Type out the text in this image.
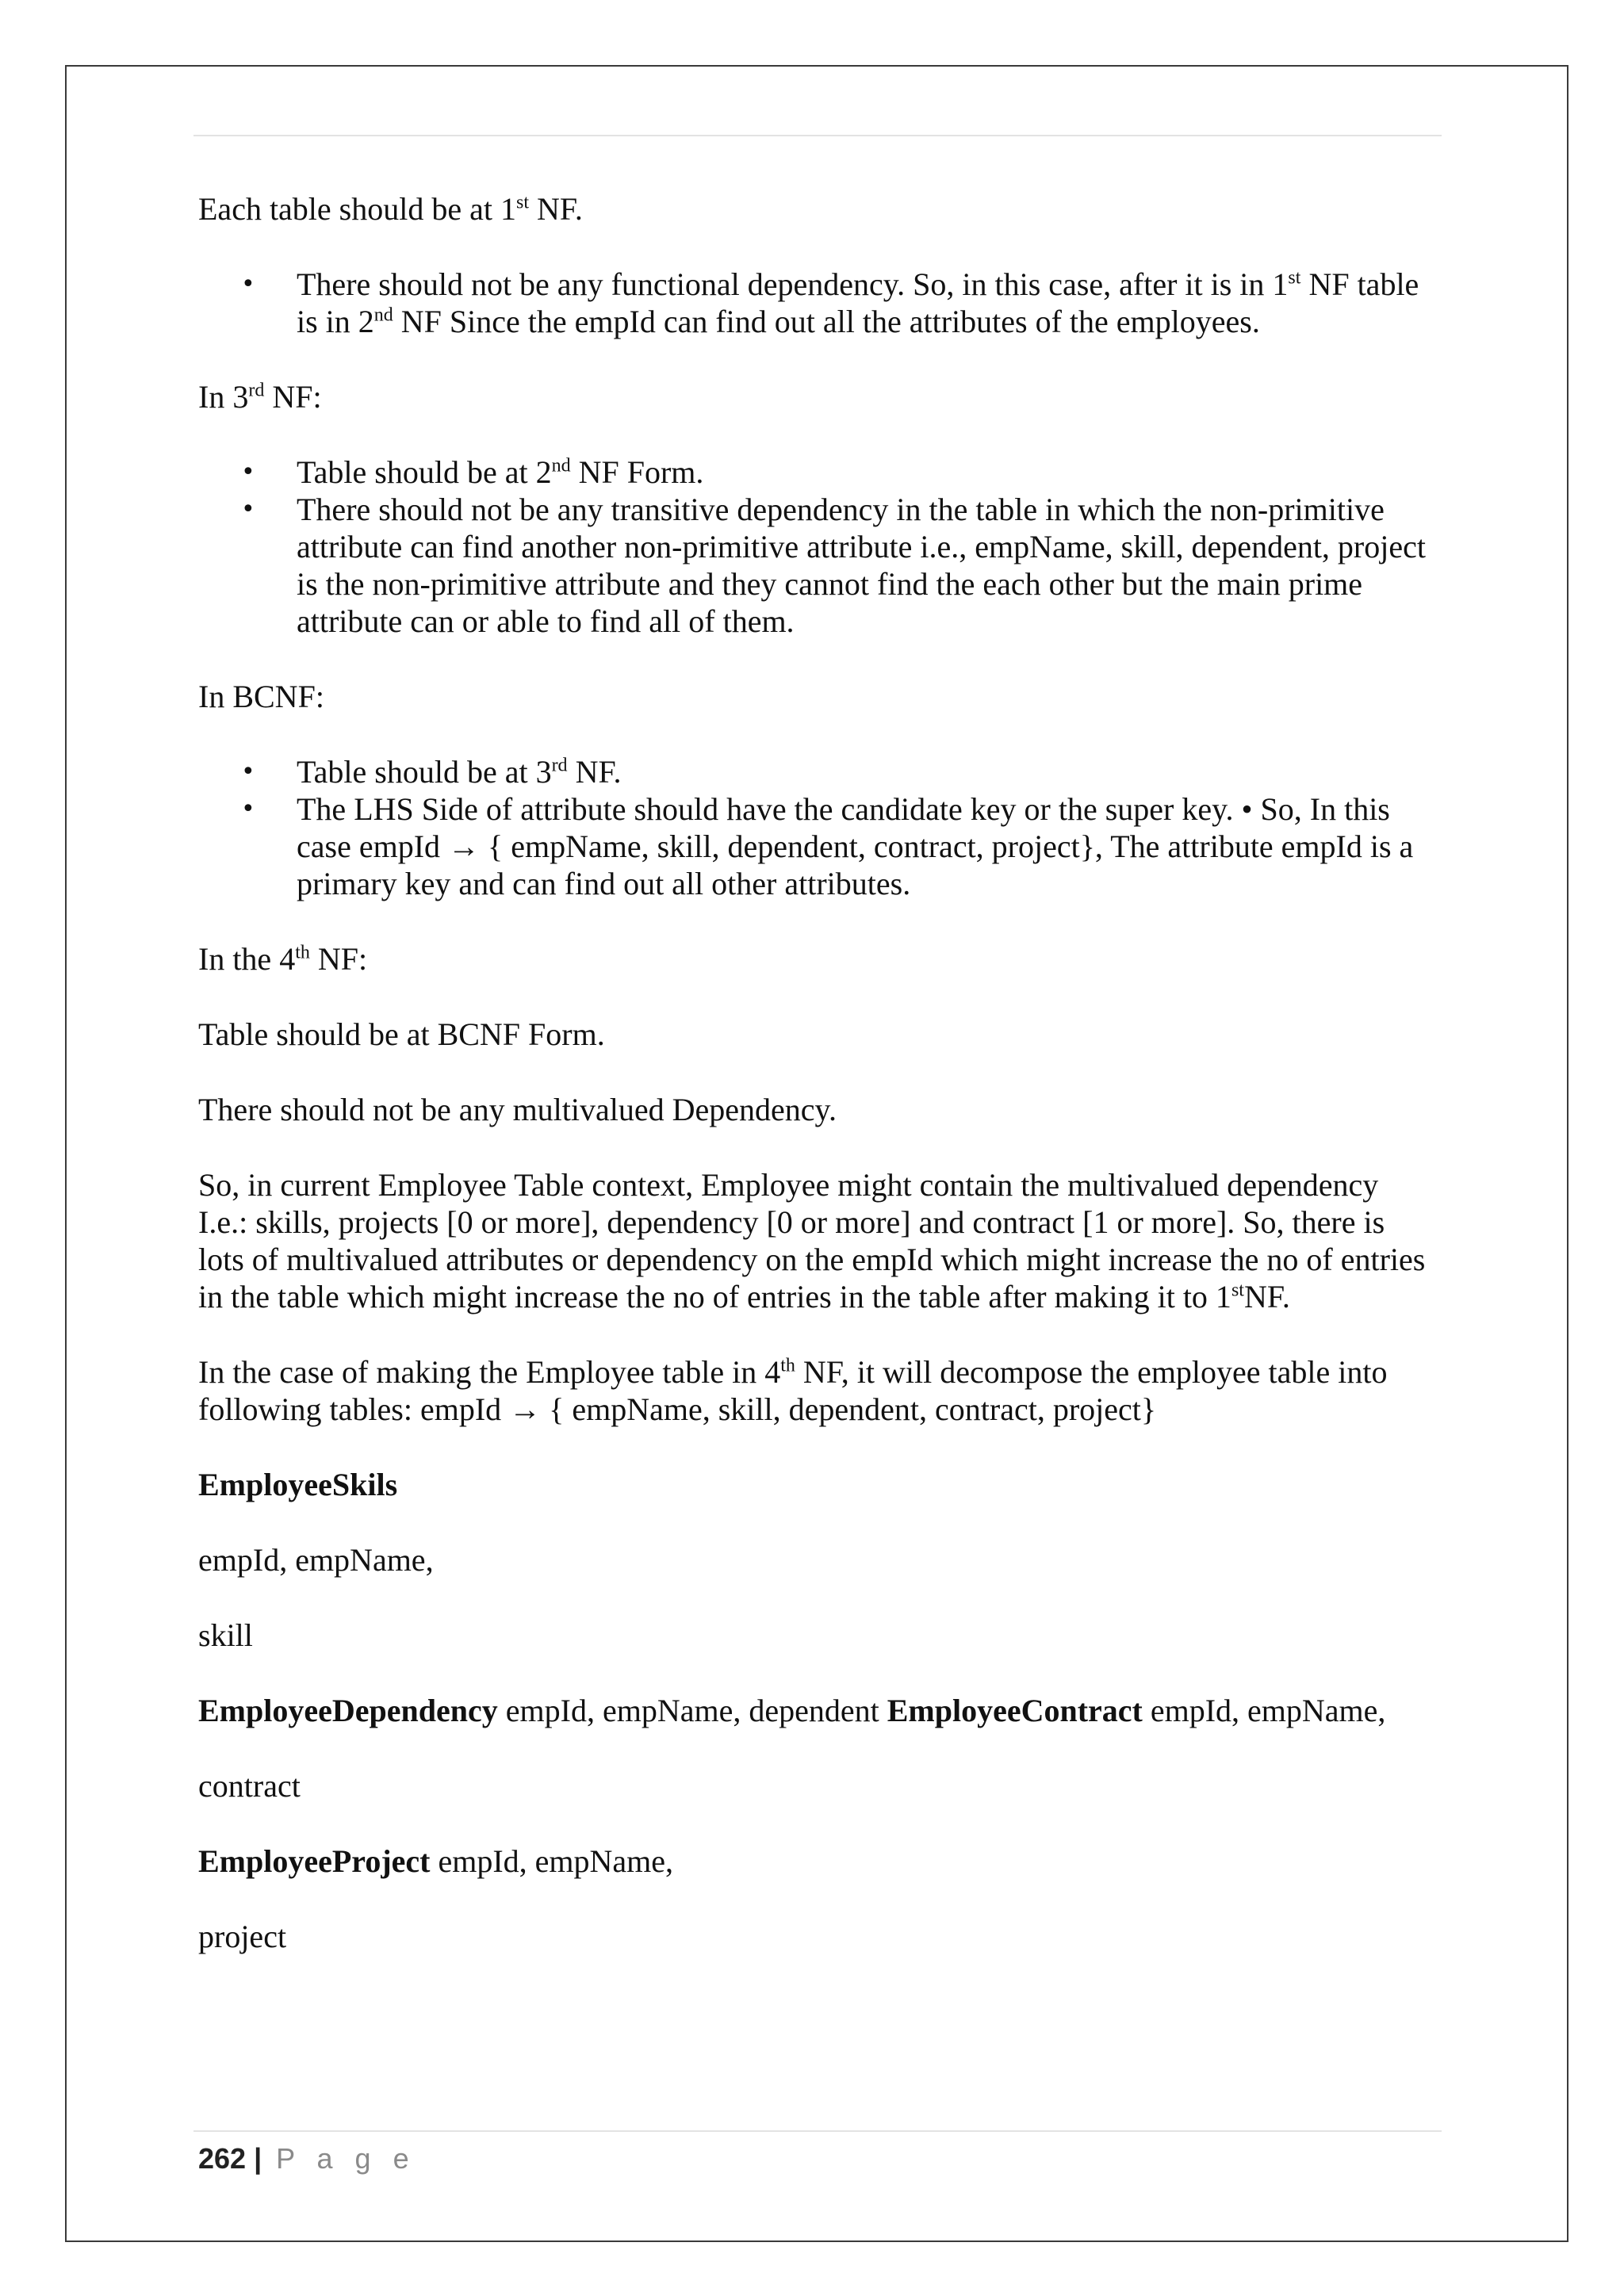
Each table should be at 1st NF.

• There should not be any functional dependency. So, in this case, after it is in 1st NF table is in 2nd NF Since the empId can find out all the attributes of the employees.

In 3rd NF:

• Table should be at 2nd NF Form.
• There should not be any transitive dependency in the table in which the non-primitive attribute can find another non-primitive attribute i.e., empName, skill, dependent, project is the non-primitive attribute and they cannot find the each other but the main prime attribute can or able to find all of them.

In BCNF:

• Table should be at 3rd NF.
• The LHS Side of attribute should have the candidate key or the super key. • So, In this case empId → { empName, skill, dependent, contract, project}, The attribute empId is a primary key and can find out all other attributes.

In the 4th NF:

Table should be at BCNF Form.

There should not be any multivalued Dependency.

So, in current Employee Table context, Employee might contain the multivalued dependency I.e.: skills, projects [0 or more], dependency [0 or more] and contract [1 or more]. So, there is lots of multivalued attributes or dependency on the empId which might increase the no of entries in the table which might increase the no of entries in the table after making it to 1stNF.

In the case of making the Employee table in 4th NF, it will decompose the employee table into following tables: empId → { empName, skill, dependent, contract, project}

EmployeeSkils

empId, empName,

skill

EmployeeDependency empId, empName, dependent EmployeeContract empId, empName,

contract

EmployeeProject empId, empName,

project

262 | P a g e
